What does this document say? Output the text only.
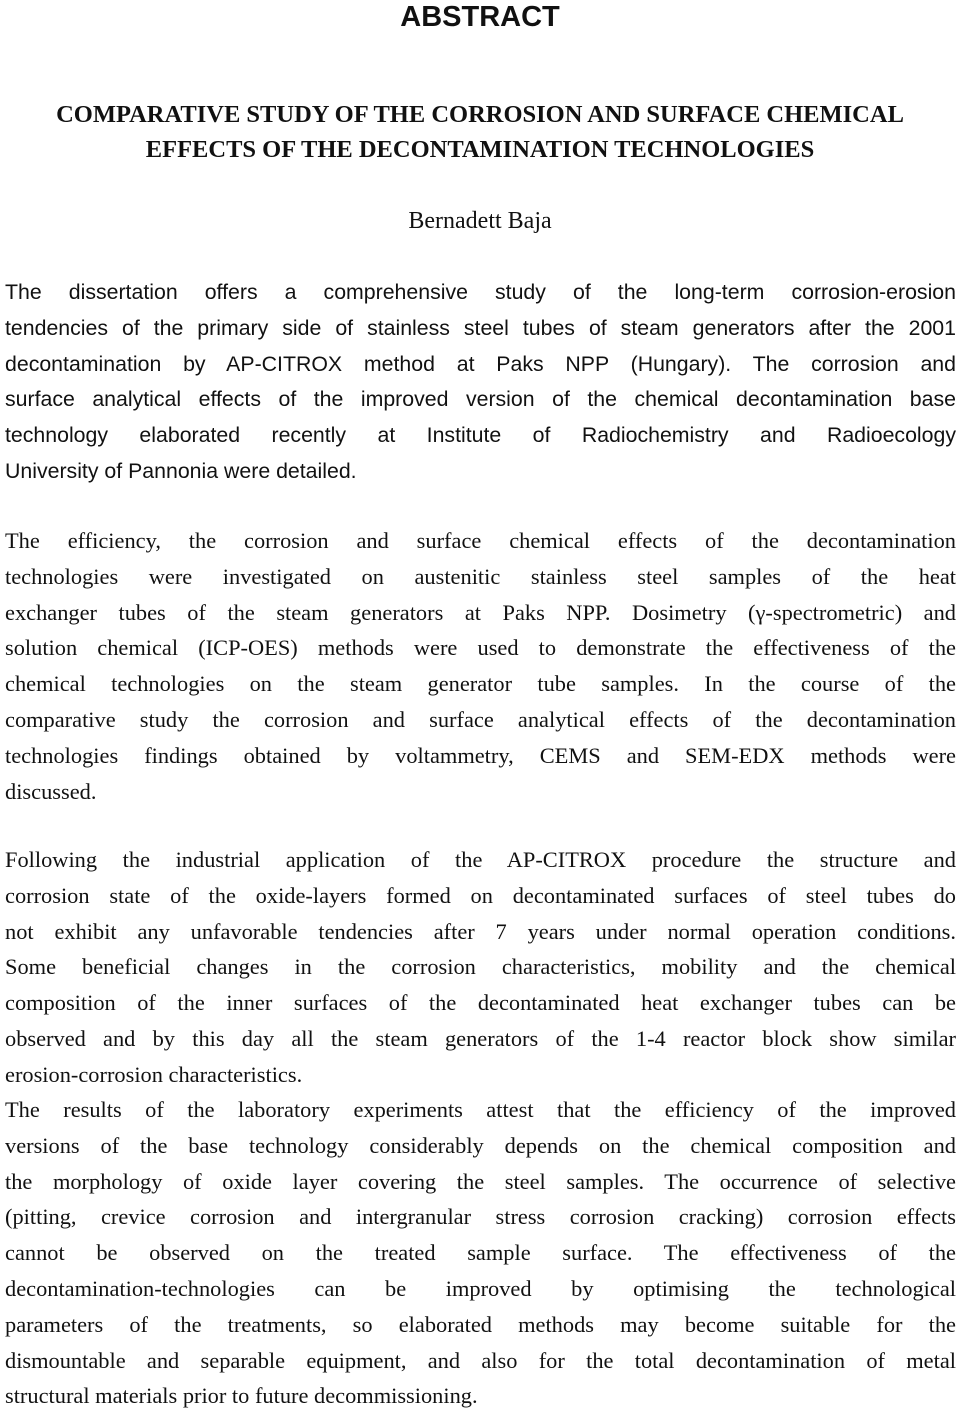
ABSTRACT
COMPARATIVE STUDY OF THE CORROSION AND SURFACE CHEMICAL
EFFECTS OF THE DECONTAMINATION TECHNOLOGIES

Bernadett Baja

The dissertation offers a comprehensive study of the long-term corrosion-erosion
tendencies of the primary side of stainless steel tubes of steam generators after the 2001
decontamination by AP-CITROX method at Paks NPP (Hungary). The corrosion and
surface analytical effects of the improved version of the chemical decontamination base
technology elaborated recently at Institute of Radiochemistry and Radioecology
University of Pannonia were detailed.
The efficiency, the corrosion and surface chemical effects of the decontamination
technologies were investigated on austenitic stainless steel samples of the heat
exchanger tubes of the steam generators at Paks NPP. Dosimetry (γ-spectrometric) and
solution chemical (ICP-OES) methods were used to demonstrate the effectiveness of the
chemical technologies on the steam generator tube samples. In the course of the
comparative study the corrosion and surface analytical effects of the decontamination
technologies findings obtained by voltammetry, CEMS and SEM-EDX methods were
discussed.
Following the industrial application of the AP-CITROX procedure the structure and
corrosion state of the oxide-layers formed on decontaminated surfaces of steel tubes do
not exhibit any unfavorable tendencies after 7 years under normal operation conditions.
Some beneficial changes in the corrosion characteristics, mobility and the chemical
composition of the inner surfaces of the decontaminated heat exchanger tubes can be
observed and by this day all the steam generators of the 1-4 reactor block show similar
erosion-corrosion characteristics.
The results of the laboratory experiments attest that the efficiency of the improved
versions of the base technology considerably depends on the chemical composition and
the morphology of oxide layer covering the steel samples. The occurrence of selective
(pitting, crevice corrosion and intergranular stress corrosion cracking) corrosion effects
cannot be observed on the treated sample surface. The effectiveness of the
decontamination-technologies can be improved by optimising the technological
parameters of the treatments, so elaborated methods may become suitable for the
dismountable and separable equipment, and also for the total decontamination of metal
structural materials prior to future decommissioning.
